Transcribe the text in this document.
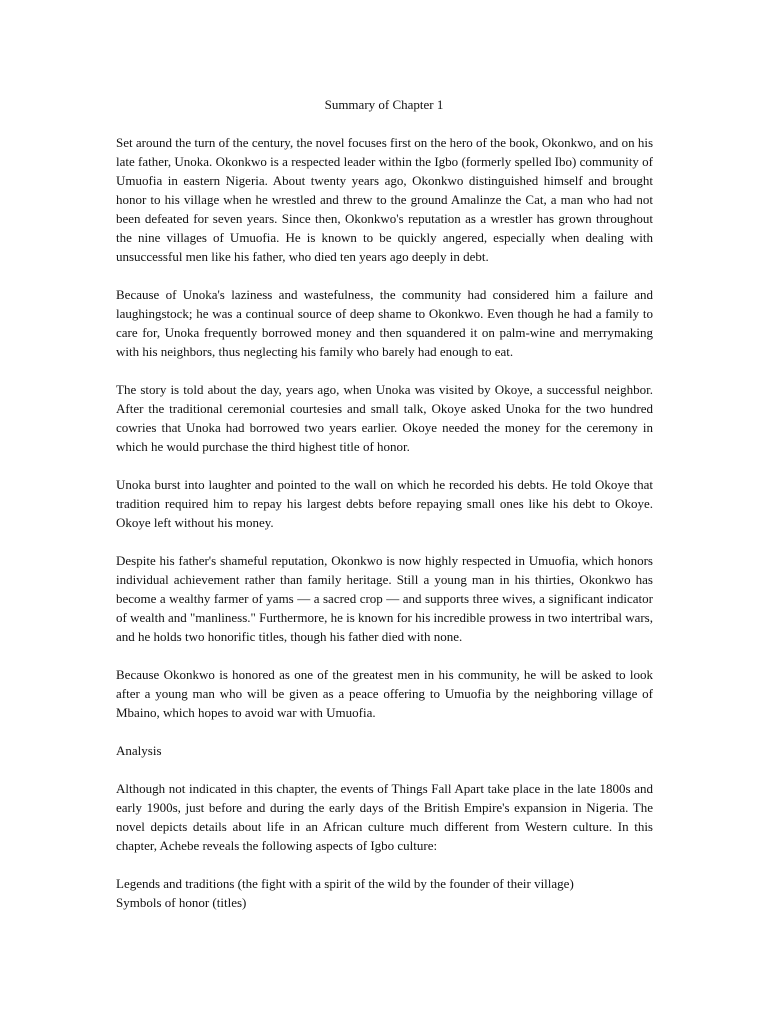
Summary of Chapter 1

Set around the turn of the century, the novel focuses first on the hero of the book, Okonkwo, and on his late father, Unoka. Okonkwo is a respected leader within the Igbo (formerly spelled Ibo) community of Umuofia in eastern Nigeria. About twenty years ago, Okonkwo distinguished himself and brought honor to his village when he wrestled and threw to the ground Amalinze the Cat, a man who had not been defeated for seven years. Since then, Okonkwo's reputation as a wrestler has grown throughout the nine villages of Umuofia. He is known to be quickly angered, especially when dealing with unsuccessful men like his father, who died ten years ago deeply in debt.

Because of Unoka's laziness and wastefulness, the community had considered him a failure and laughingstock; he was a continual source of deep shame to Okonkwo. Even though he had a family to care for, Unoka frequently borrowed money and then squandered it on palm-wine and merrymaking with his neighbors, thus neglecting his family who barely had enough to eat.

The story is told about the day, years ago, when Unoka was visited by Okoye, a successful neighbor. After the traditional ceremonial courtesies and small talk, Okoye asked Unoka for the two hundred cowries that Unoka had borrowed two years earlier. Okoye needed the money for the ceremony in which he would purchase the third highest title of honor.

Unoka burst into laughter and pointed to the wall on which he recorded his debts. He told Okoye that tradition required him to repay his largest debts before repaying small ones like his debt to Okoye. Okoye left without his money.

Despite his father's shameful reputation, Okonkwo is now highly respected in Umuofia, which honors individual achievement rather than family heritage. Still a young man in his thirties, Okonkwo has become a wealthy farmer of yams — a sacred crop — and supports three wives, a significant indicator of wealth and "manliness." Furthermore, he is known for his incredible prowess in two intertribal wars, and he holds two honorific titles, though his father died with none.

Because Okonkwo is honored as one of the greatest men in his community, he will be asked to look after a young man who will be given as a peace offering to Umuofia by the neighboring village of Mbaino, which hopes to avoid war with Umuofia.

Analysis

Although not indicated in this chapter, the events of Things Fall Apart take place in the late 1800s and early 1900s, just before and during the early days of the British Empire's expansion in Nigeria. The novel depicts details about life in an African culture much different from Western culture. In this chapter, Achebe reveals the following aspects of Igbo culture:

Legends and traditions (the fight with a spirit of the wild by the founder of their village)
Symbols of honor (titles)
